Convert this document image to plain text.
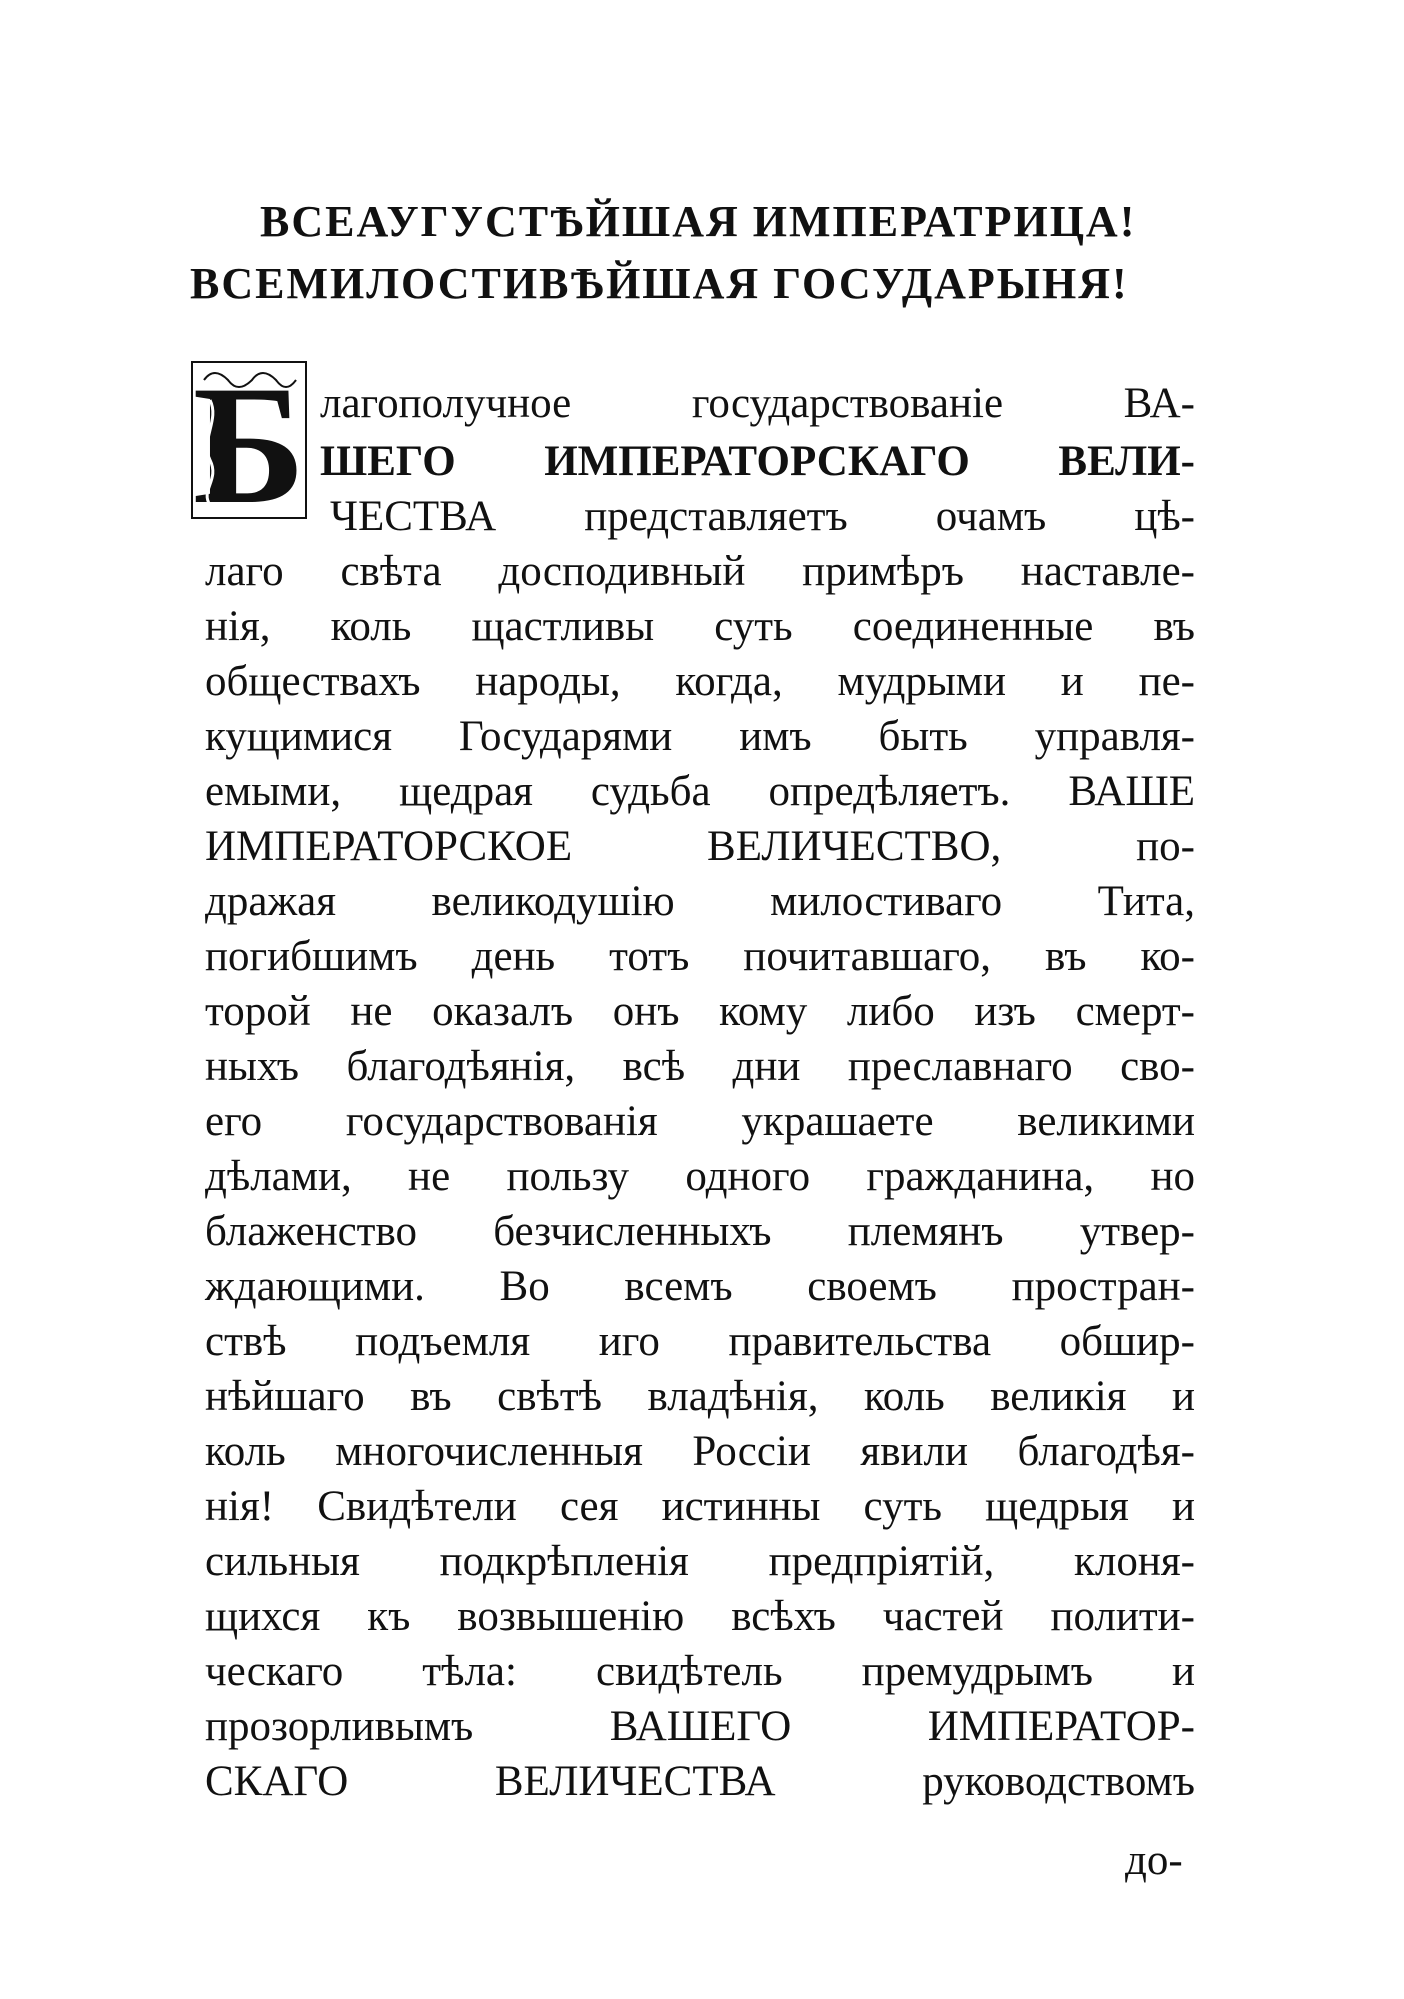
ВСЕАУГУСТѢЙШАЯ ИМПЕРАТРИЦА!
ВСЕМИЛОСТИВѢЙШАЯ ГОСУДАРЫНЯ!
Б лагополучное государствованіе ВА-
ШЕГО ИМПЕРАТОРСКАГО ВЕЛИ-
ЧЕСТВА представляетъ очамъ цѣ-
лаго свѣта досподивный примѣръ наставле-
нія, коль щастливы суть соединенные въ
обществахъ народы, когда, мудрыми и пе-
кущимися Государями имъ быть управля-
емыми, щедрая судьба опредѣляетъ. ВАШЕ
ИМПЕРАТОРСКОЕ ВЕЛИЧЕСТВО, по-
дражая великодушію милостиваго Тита,
погибшимъ день тотъ почитавшаго, въ ко-
торой не оказалъ онъ кому либо изъ смерт-
ныхъ благодѣянія, всѣ дни преславнаго сво-
его государствованія украшаете великими
дѣлами, не пользу одного гражданина, но
блаженство безчисленныхъ племянъ утвер-
ждающими. Во всемъ своемъ простран-
ствѣ подъемля иго правительства обшир-
нѣйшаго въ свѣтѣ владѣнія, коль великія и
коль многочисленныя Россіи явили благодѣя-
нія! Свидѣтели сея истинны суть щедрыя и
сильныя подкрѣпленія предпріятій, клоня-
щихся къ возвышенію всѣхъ частей полити-
ческаго тѣла: свидѣтель премудрымъ и
прозорливымъ ВАШЕГО ИМПЕРАТОР-
СКАГО ВЕЛИЧЕСТВА руководствомъ
до-
